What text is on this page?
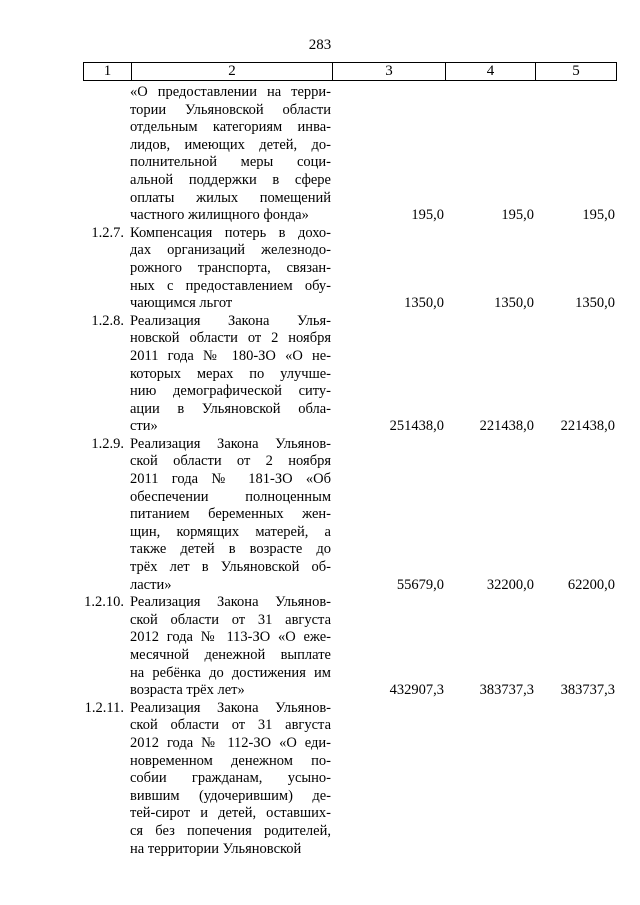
283
1	2	3	4	5
«О предоставлении на терри-
тории Ульяновской области
отдельным категориям инва-
лидов, имеющих детей, до-
полнительной меры соци-
альной поддержки в сфере
оплаты жилых помещений
частного жилищного фонда»	195,0	195,0	195,0
1.2.7. Компенсация потерь в дохо-
дах организаций железнодо-
рожного транспорта, связан-
ных с предоставлением обу-
чающимся льгот	1350,0	1350,0	1350,0
1.2.8. Реализация Закона Улья-
новской области от 2 ноября
2011 года № 180-ЗО «О не-
которых мерах по улучше-
нию демографической ситу-
ации в Ульяновской обла-
сти»	251438,0	221438,0	221438,0
1.2.9. Реализация Закона Ульянов-
ской области от 2 ноября
2011 года № 181-ЗО «Об
обеспечении полноценным
питанием беременных жен-
щин, кормящих матерей, а
также детей в возрасте до
трёх лет в Ульяновской об-
ласти»	55679,0	32200,0	62200,0
1.2.10. Реализация Закона Ульянов-
ской области от 31 августа
2012 года № 113-ЗО «О еже-
месячной денежной выплате
на ребёнка до достижения им
возраста трёх лет»	432907,3	383737,3	383737,3
1.2.11. Реализация Закона Ульянов-
ской области от 31 августа
2012 года № 112-ЗО «О еди-
новременном денежном по-
собии гражданам, усыно-
вившим (удочерившим) де-
тей-сирот и детей, оставших-
ся без попечения родителей,
на территории Ульяновской
